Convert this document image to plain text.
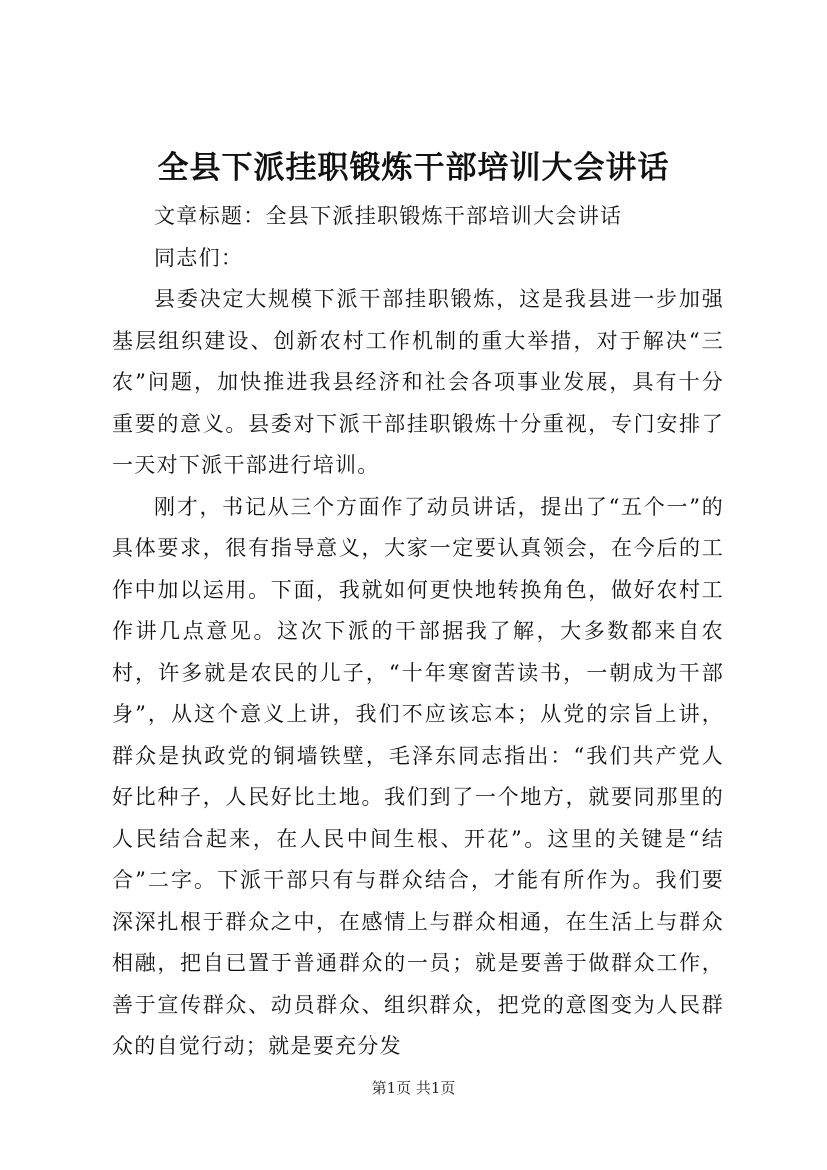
全县下派挂职锻炼干部培训大会讲话

文章标题：全县下派挂职锻炼干部培训大会讲话

同志们：

县委决定大规模下派干部挂职锻炼，这是我县进一步加强基层组织建设、创新农村工作机制的重大举措，对于解决“三农”问题，加快推进我县经济和社会各项事业发展，具有十分重要的意义。县委对下派干部挂职锻炼十分重视，专门安排了一天对下派干部进行培训。

刚才，书记从三个方面作了动员讲话，提出了“五个一”的具体要求，很有指导意义，大家一定要认真领会，在今后的工作中加以运用。下面，我就如何更快地转换角色，做好农村工作讲几点意见。这次下派的干部据我了解，大多数都来自农村，许多就是农民的儿子，“十年寒窗苦读书，一朝成为干部身”，从这个意义上讲，我们不应该忘本；从党的宗旨上讲，群众是执政党的铜墙铁壁，毛泽东同志指出：“我们共产党人好比种子，人民好比土地。我们到了一个地方，就要同那里的人民结合起来，在人民中间生根、开花”。这里的关键是“结合”二字。下派干部只有与群众结合，才能有所作为。我们要深深扎根于群众之中，在感情上与群众相通，在生活上与群众相融，把自已置于普通群众的一员；就是要善于做群众工作，善于宣传群众、动员群众、组织群众，把党的意图变为人民群众的自觉行动；就是要充分发

第1页 共1页
